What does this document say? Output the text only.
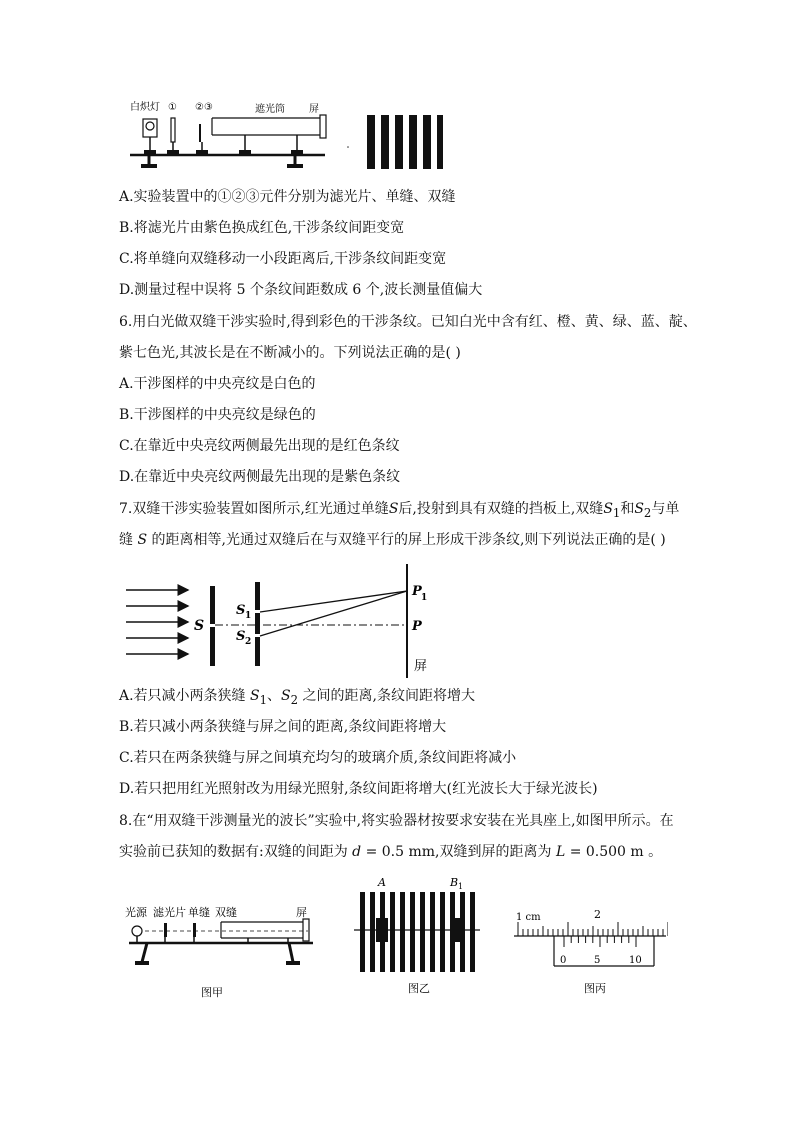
白炽灯 ① ②③	遮光筒 屏
A.实验装置中的①②③元件分别为滤光片、单缝、双缝
B.将滤光片由紫色换成红色,干涉条纹间距变宽
C.将单缝向双缝移动一小段距离后,干涉条纹间距变宽
D.测量过程中误将 5 个条纹间距数成 6 个,波长测量值偏大
6.用白光做双缝干涉实验时,得到彩色的干涉条纹。已知白光中含有红、橙、黄、绿、蓝、靛、
紫七色光,其波长是在不断减小的。下列说法正确的是( )
A.干涉图样的中央亮纹是白色的
B.干涉图样的中央亮纹是绿色的
C.在靠近中央亮纹两侧最先出现的是红色条纹
D.在靠近中央亮纹两侧最先出现的是紫色条纹
7.双缝干涉实验装置如图所示,红光通过单缝S后,投射到具有双缝的挡板上,双缝$S_1$和$S_2$与单
缝 S 的距离相等,光通过双缝后在与双缝平行的屏上形成干涉条纹,则下列说法正确的是( )
S
S 1
S 2
P 1
P
屏
A.若只减小两条狭缝 $S_1$、$S_2$ 之间的距离,条纹间距将增大
B.若只减小两条狭缝与屏之间的距离,条纹间距将增大
C.若只在两条狭缝与屏之间填充均匀的玻璃介质,条纹间距将减小
D.若只把用红光照射改为用绿光照射,条纹间距将增大(红光波长大于绿光波长)
8.在“用双缝干涉测量光的波长”实验中,将实验器材按要求安装在光具座上,如图甲所示。在
实验前已获知的数据有:双缝的间距为 d = 0.5 mm,双缝到屏的距离为 L = 0.500 m 。
光源 滤光片 单缝 双缝	屏
图甲
A	B 1
图乙
1 cm	2
0	5	10
图丙
